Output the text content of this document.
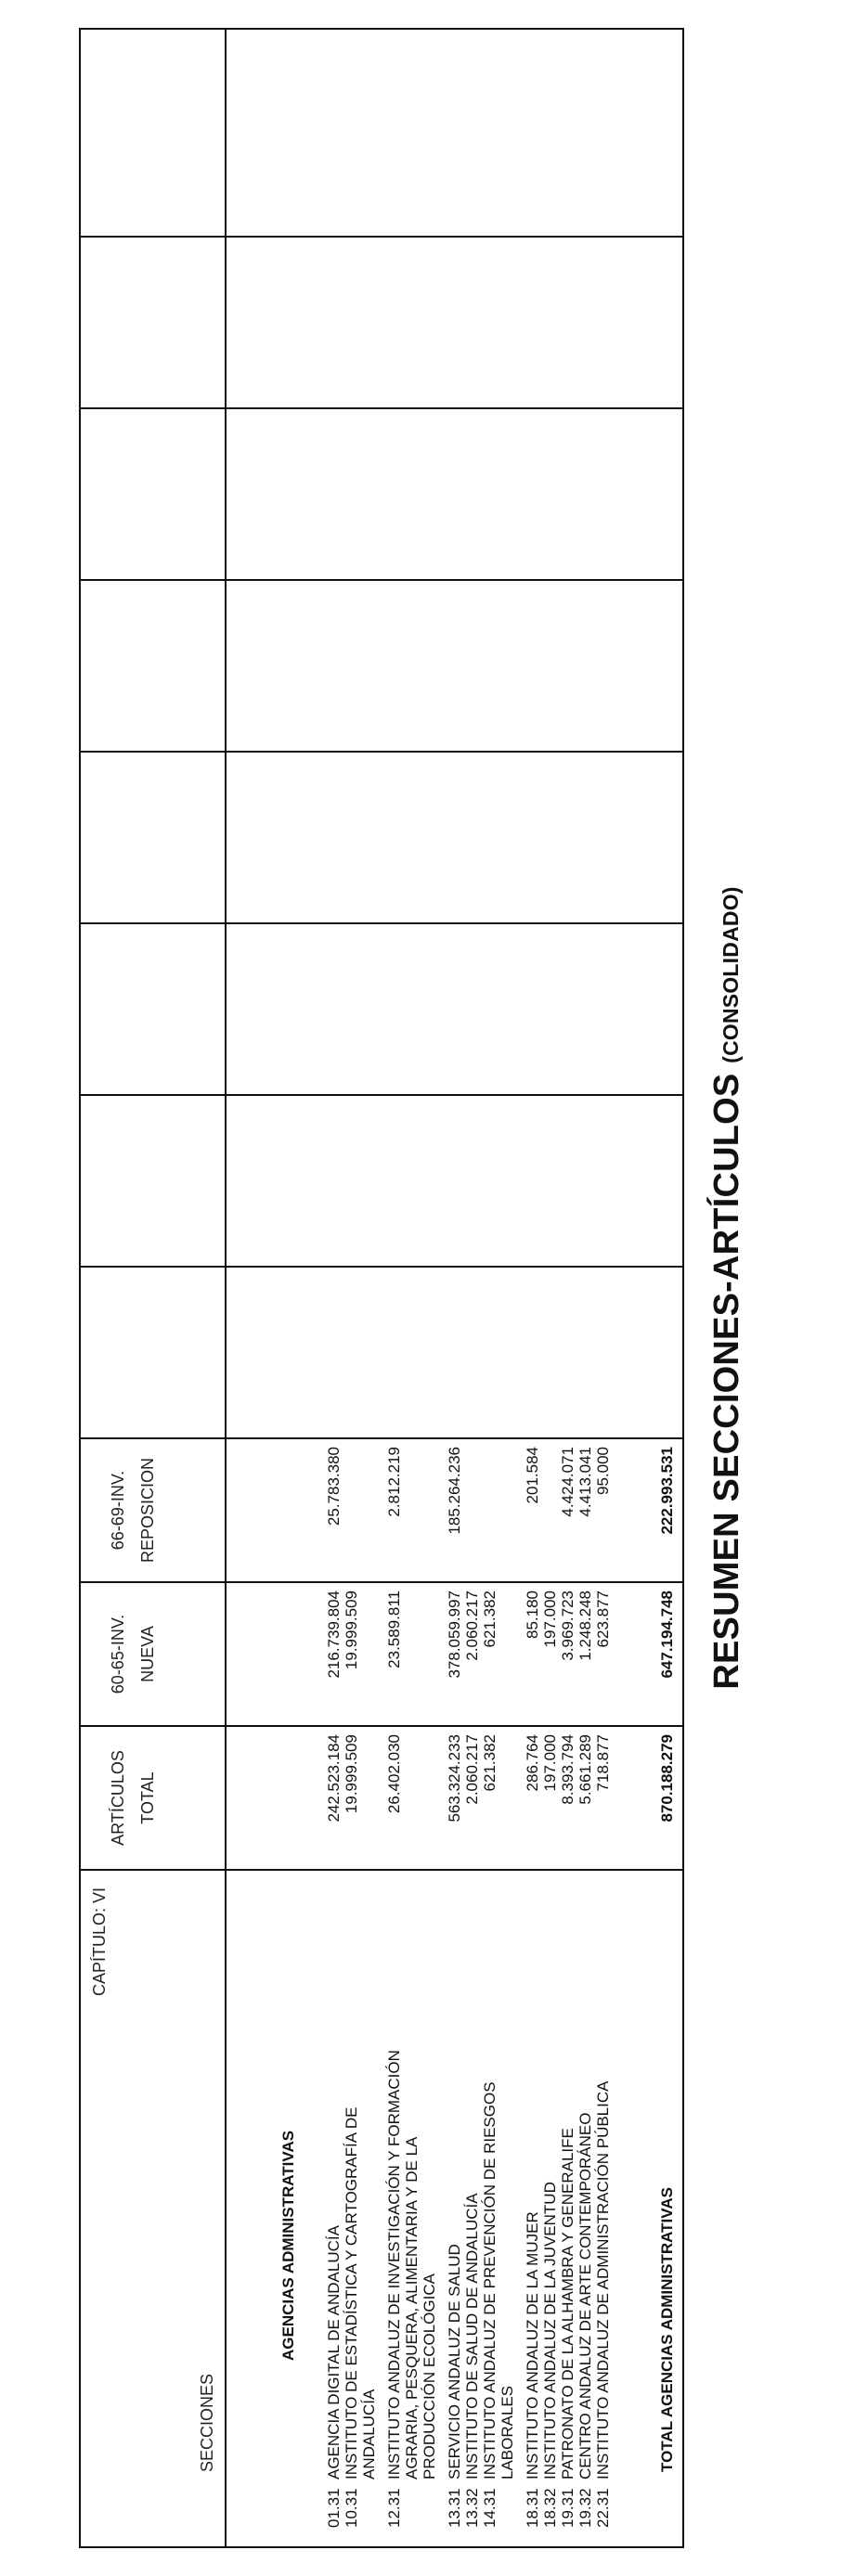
RESUMEN SECCIONES-ARTÍCULOS (CONSOLIDADO)
CAPÍTULO: VI
SECCIONES
ARTÍCULOS TOTAL
60-65-INV. NUEVA
66-69-INV. REPOSICION
AGENCIAS ADMINISTRATIVAS
01.31
AGENCIA DIGITAL DE ANDALUCÍA
242.523.184
216.739.804
25.783.380
10.31
INSTITUTO DE ESTADÍSTICA Y CARTOGRAFÍA DE ANDALUCÍA
19.999.509
19.999.509
12.31
INSTITUTO ANDALUZ DE INVESTIGACIÓN Y FORMACIÓN AGRARIA, PESQUERA, ALIMENTARIA Y DE LA PRODUCCIÓN ECOLÓGICA
26.402.030
23.589.811
2.812.219
13.31
SERVICIO ANDALUZ DE SALUD
563.324.233
378.059.997
185.264.236
13.32
INSTITUTO DE SALUD DE ANDALUCÍA
2.060.217
2.060.217
14.31
INSTITUTO ANDALUZ DE PREVENCIÓN DE RIESGOS LABORALES
621.382
621.382
18.31
INSTITUTO ANDALUZ DE LA MUJER
286.764
85.180
201.584
18.32
INSTITUTO ANDALUZ DE LA JUVENTUD
197.000
197.000
19.31
PATRONATO DE LA ALHAMBRA Y GENERALIFE
8.393.794
3.969.723
4.424.071
19.32
CENTRO ANDALUZ DE ARTE CONTEMPORÁNEO
5.661.289
1.248.248
4.413.041
22.31
INSTITUTO ANDALUZ DE ADMINISTRACIÓN PÚBLICA
718.877
623.877
95.000
TOTAL AGENCIAS ADMINISTRATIVAS
870.188.279
647.194.748
222.993.531
